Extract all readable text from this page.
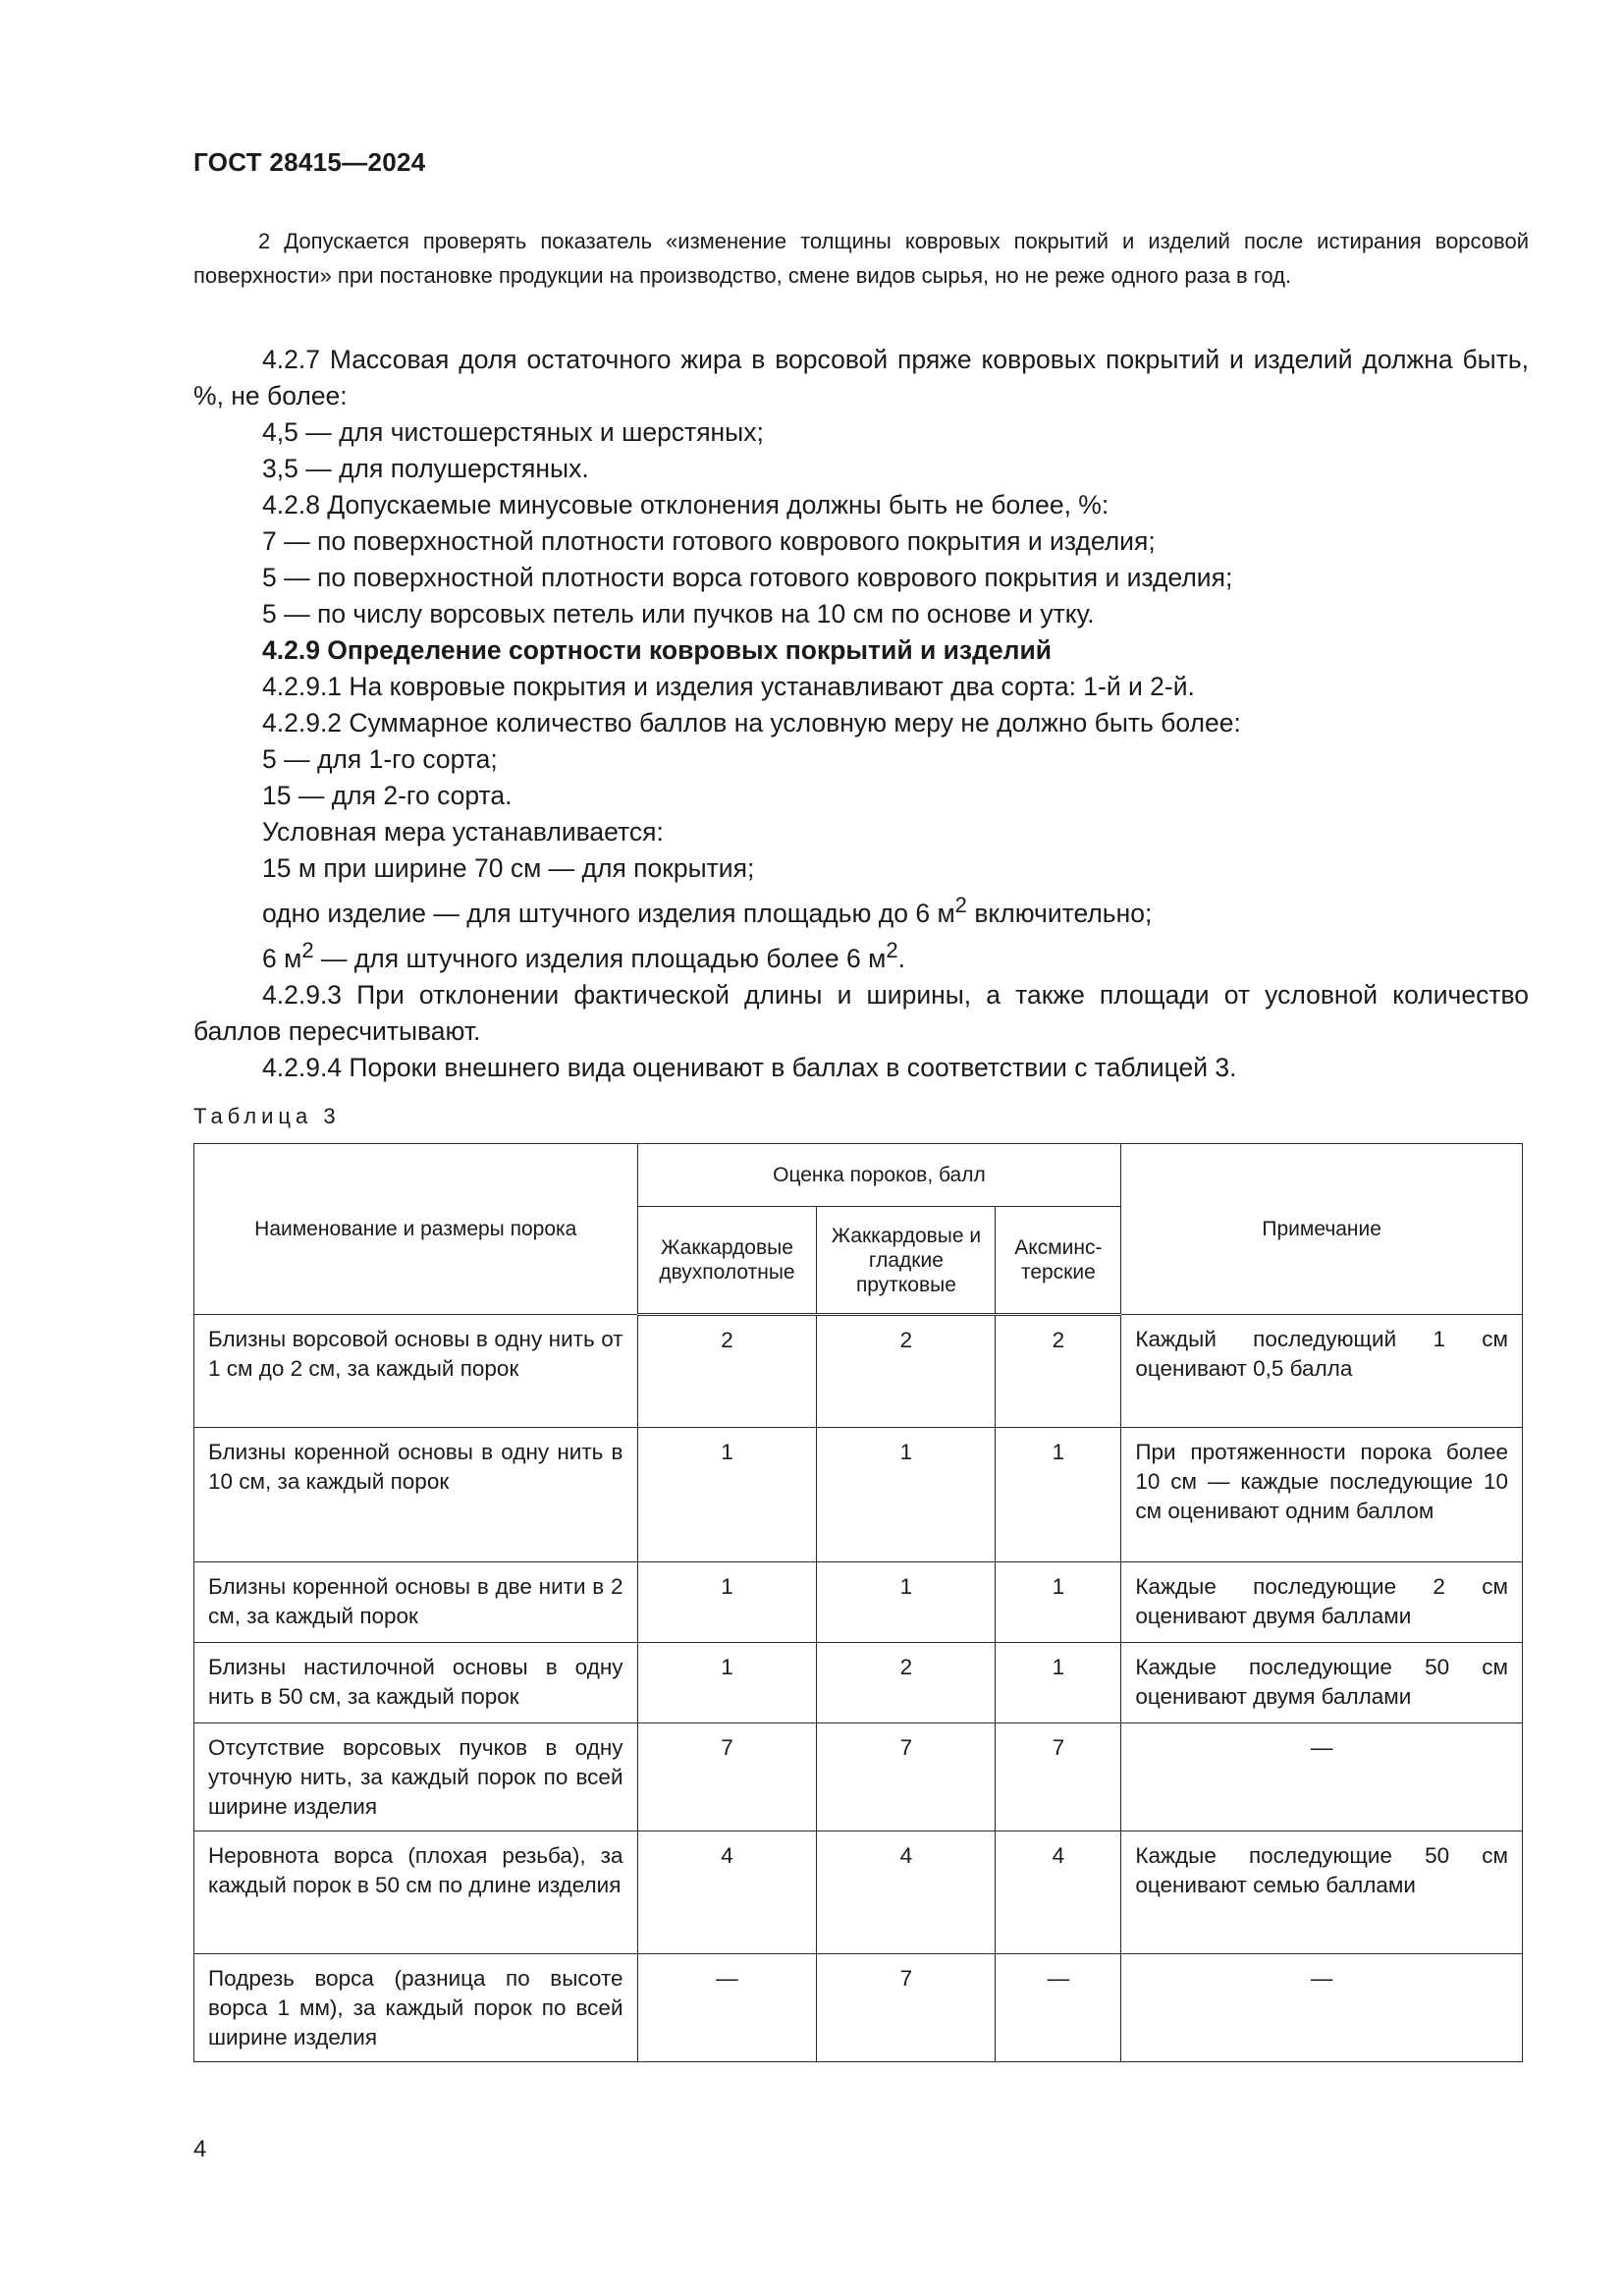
ГОСТ 28415—2024

2 Допускается проверять показатель «изменение толщины ковровых покрытий и изделий после истирания ворсовой поверхности» при постановке продукции на производство, смене видов сырья, но не реже одного раза в год.

4.2.7 Массовая доля остаточного жира в ворсовой пряже ковровых покрытий и изделий должна быть, %, не более:

4,5 — для чистошерстяных и шерстяных;

3,5 — для полушерстяных.

4.2.8 Допускаемые минусовые отклонения должны быть не более, %:

7 — по поверхностной плотности готового коврового покрытия и изделия;

5 — по поверхностной плотности ворса готового коврового покрытия и изделия;

5 — по числу ворсовых петель или пучков на 10 см по основе и утку.

4.2.9 Определение сортности ковровых покрытий и изделий

4.2.9.1 На ковровые покрытия и изделия устанавливают два сорта: 1-й и 2-й.

4.2.9.2 Суммарное количество баллов на условную меру не должно быть более:

5 — для 1-го сорта;

15 — для 2-го сорта.

Условная мера устанавливается:

15 м при ширине 70 см — для покрытия;

одно изделие — для штучного изделия площадью до 6 $м^2$ включительно;

6 $м^2$ — для штучного изделия площадью более 6 $м^2$.

4.2.9.3 При отклонении фактической длины и ширины, а также площади от условной количество баллов пересчитывают.

4.2.9.4 Пороки внешнего вида оценивают в баллах в соответствии с таблицей 3.

Таблица 3
Наименование и размеры порока	Оценка пороков, балл			Примечание
	Жаккардовые двухполотные	Жаккардовые и гладкие прутковые	Аксминс-терские	
Близны ворсовой основы в одну нить от 1 см до 2 см, за каждый порок	2	2	2	Каждый последующий 1 см оценивают 0,5 балла
Близны коренной основы в одну нить в 10 см, за каждый порок	1	1	1	При протяженности порока более 10 см — каждые последующие 10 см оценивают одним баллом
Близны коренной основы в две нити в 2 см, за каждый порок	1	1	1	Каждые последующие 2 см оценивают двумя баллами
Близны настилочной основы в одну нить в 50 см, за каждый порок	1	2	1	Каждые последующие 50 см оценивают двумя баллами
Отсутствие ворсовых пучков в одну уточную нить, за каждый порок по всей ширине изделия	7	7	7	—
Неровнота ворса (плохая резьба), за каждый порок в 50 см по длине изделия	4	4	4	Каждые последующие 50 см оценивают семью баллами
Подрезь ворса (разница по высоте ворса 1 мм), за каждый порок по всей ширине изделия	—	7	—	—
4
